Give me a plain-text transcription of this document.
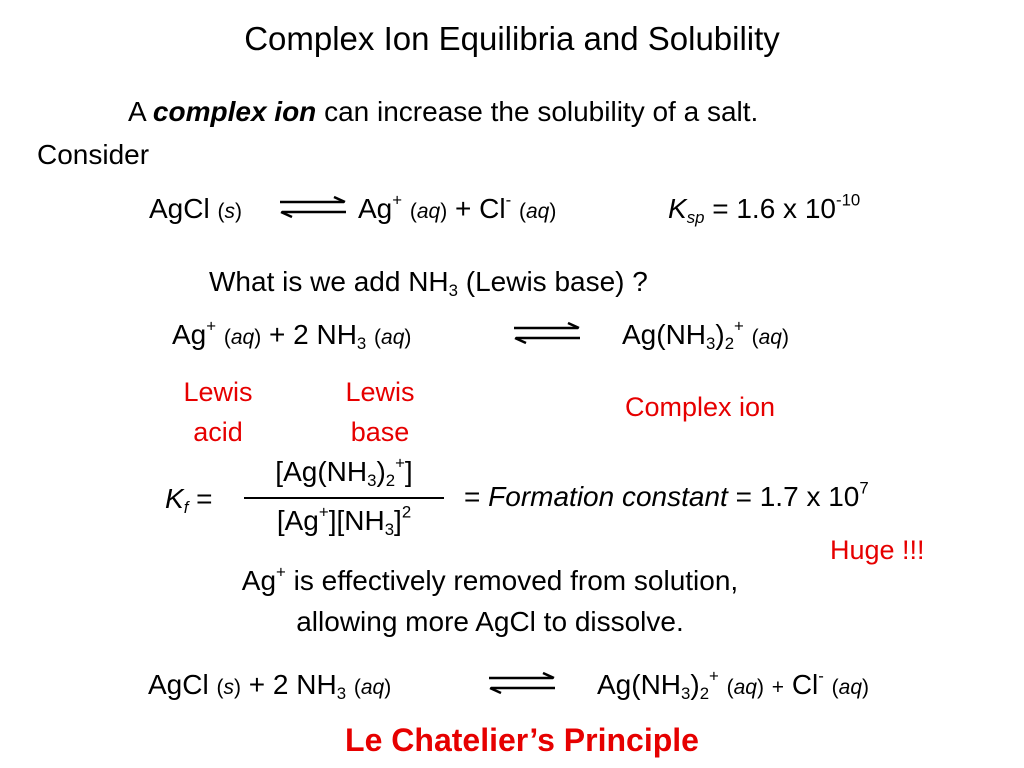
Complex Ion Equilibria and Solubility
A complex ion can increase the solubility of a salt.
Consider
AgCl (s)	Ag+ (aq) + Cl- (aq)	$K_{sp} = 1.6$ x $10^{-10}$
What is we add $NH_3$ (Lewis base) ?
Ag+ (aq) + 2 $NH_3$ (aq)	$Ag(NH_3)_2^+$ (aq)
Lewis
acid
Lewis
base
Complex ion
$K_f$ =
$[Ag(NH_3)_2^+]$
$[Ag^+][NH_3]^2$	= Formation constant = 1.7 x $10^7$
Huge !!!
Ag+ is effectively removed from solution,
allowing more AgCl to dissolve.
AgCl (s) + 2 $NH_3$ (aq)	$Ag(NH_3)_2^+$ (aq) + Cl- (aq)
Le Chatelier’s Principle
